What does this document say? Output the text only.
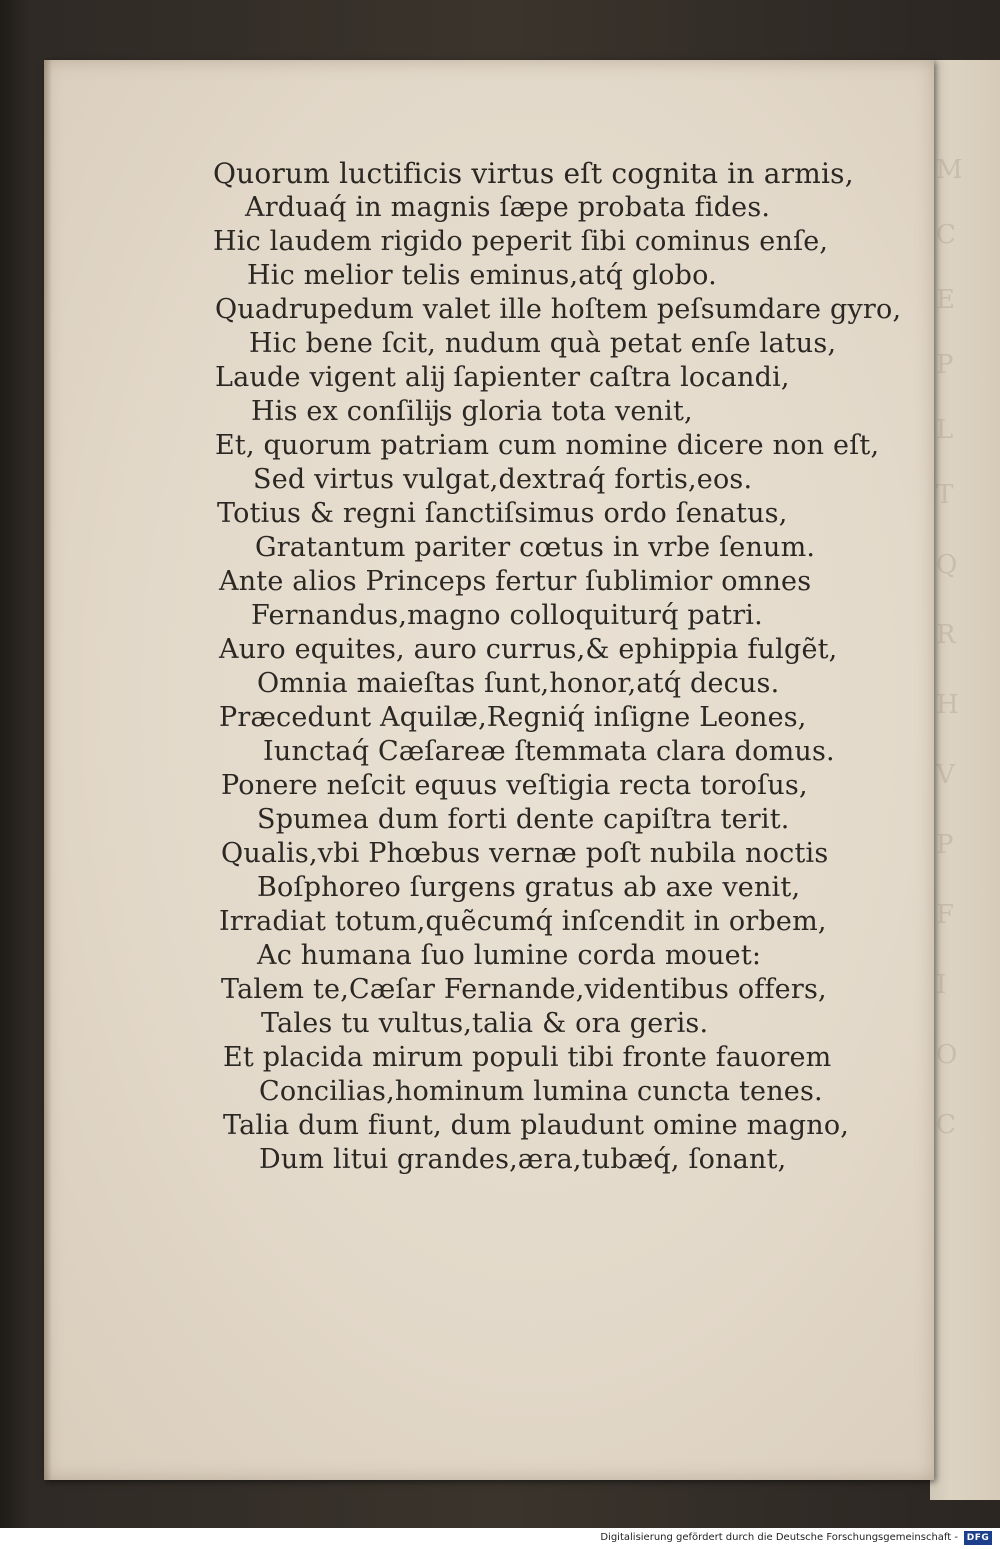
M
C
E
P
L
T
Q
R
H
V
P
F
I
O
C
Quorum luctificis virtus eſt cognita in armis,
Arduaq́ in magnis ſæpe probata fides.
Hic laudem rigido peperit ſibi cominus enſe,
Hic melior telis eminus,atq́ globo.
Quadrupedum valet ille hoſtem peſsumdare gyro,
Hic bene ſcit, nudum quà petat enſe latus,
Laude vigent alĳ ſapienter caſtra locandi,
His ex conſilĳs gloria tota venit,
Et, quorum patriam cum nomine dicere non eſt,
Sed virtus vulgat,dextraq́ fortis,eos.
Totius & regni ſanctiſsimus ordo ſenatus,
Gratantum pariter cœtus in vrbe ſenum.
Ante alios Princeps fertur ſublimior omnes
Fernandus,magno colloquiturq́ patri.
Auro equites, auro currus,& ephippia fulgẽt,
Omnia maieſtas ſunt,honor,atq́ decus.
Præcedunt Aquilæ,Regniq́ inſigne Leones,
Iunctaq́ Cæſareæ ſtemmata clara domus.
Ponere neſcit equus veſtigia recta toroſus,
Spumea dum forti dente capiſtra terit.
Qualis,vbi Phœbus vernæ poſt nubila noctis
Boſphoreo ſurgens gratus ab axe venit,
Irradiat totum,quẽcumq́ inſcendit in orbem,
Ac humana ſuo lumine corda mouet:
Talem te,Cæſar Fernande,videntibus offers,
Tales tu vultus,talia & ora geris.
Et placida mirum populi tibi fronte fauorem
Concilias,hominum lumina cuncta tenes.
Talia dum fiunt, dum plaudunt omine magno,
Dum litui grandes,æra,tubæq́, ſonant,
Digitalisierung gefördert durch die Deutsche Forschungsgemeinschaft - DFG
